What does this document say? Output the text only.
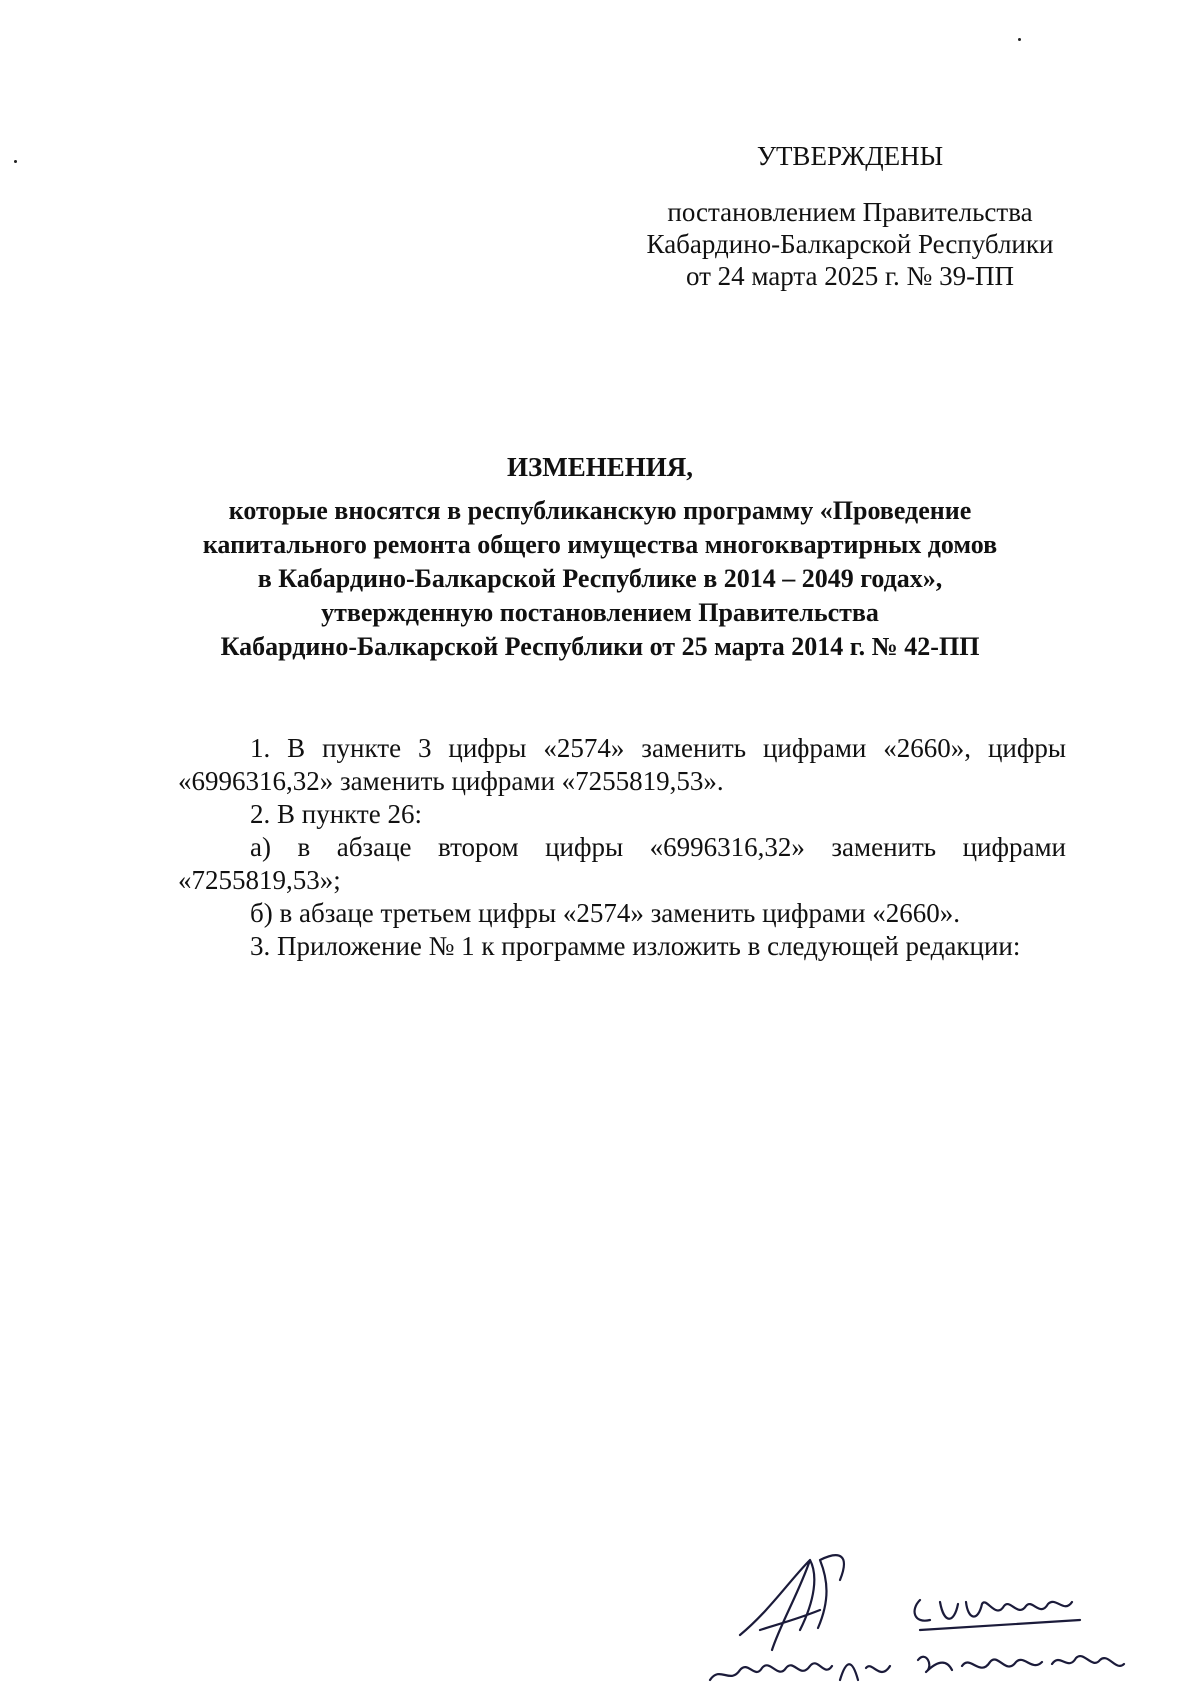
УТВЕРЖДЕНЫ
постановлением Правительства
Кабардино-Балкарской Республики
от 24 марта 2025 г. № 39-ПП
ИЗМЕНЕНИЯ,
которые вносятся в республиканскую программу «Проведение
капитального ремонта общего имущества многоквартирных домов
в Кабардино-Балкарской Республике в 2014 – 2049 годах»,
утвержденную постановлением Правительства
Кабардино-Балкарской Республики от 25 марта 2014 г. № 42-ПП

1. В пункте 3 цифры «2574» заменить цифрами «2660», цифры «6996316,32» заменить цифрами «7255819,53».

2. В пункте 26:

а) в абзаце втором цифры «6996316,32» заменить цифрами «7255819,53»;

б) в абзаце третьем цифры «2574» заменить цифрами «2660».

3. Приложение № 1 к программе изложить в следующей редакции:
